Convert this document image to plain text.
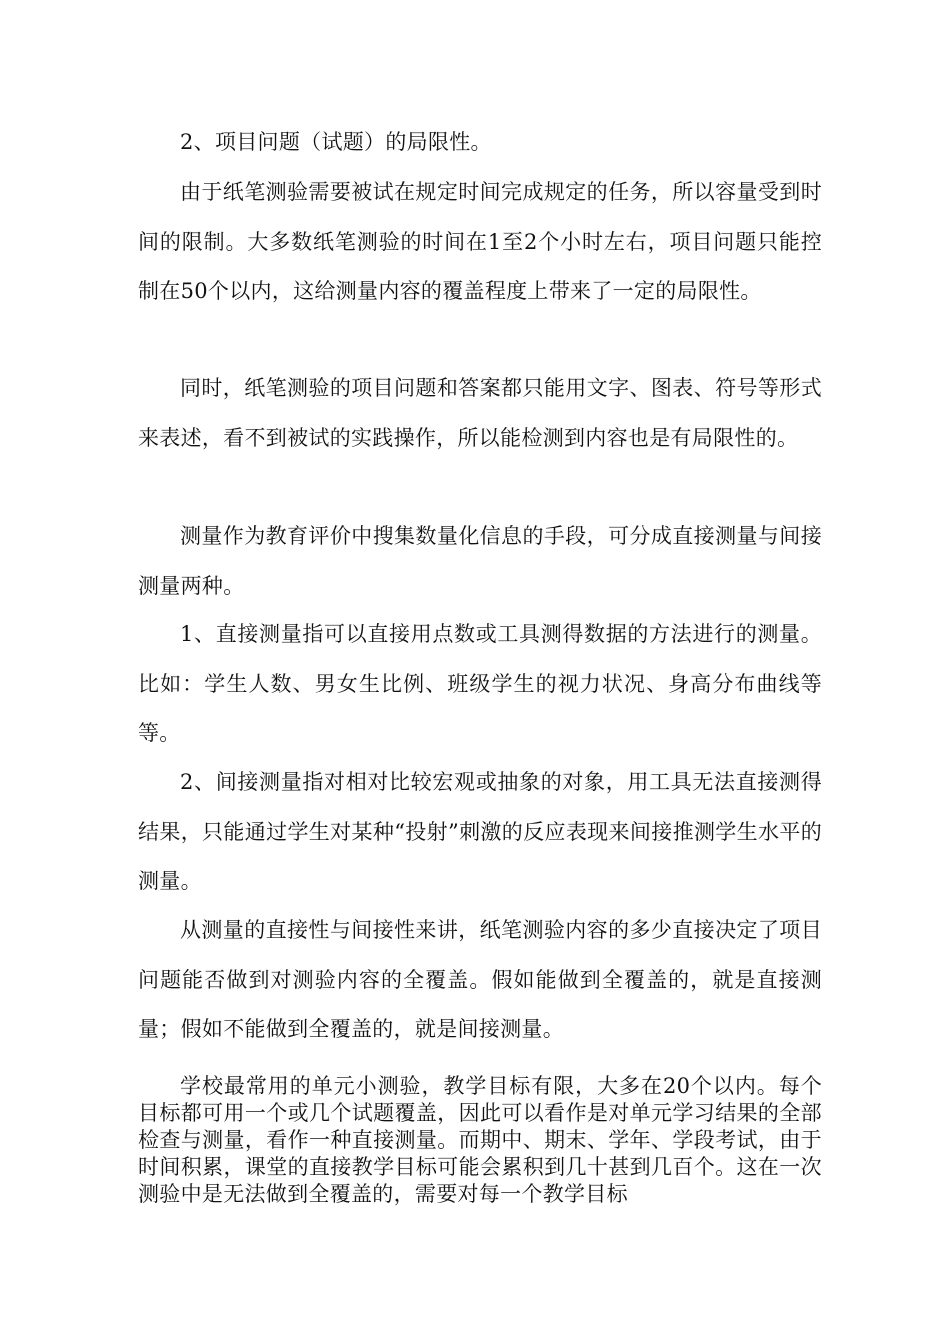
2、项目问题（试题）的局限性。

由于纸笔测验需要被试在规定时间完成规定的任务，所以容量受到时间的限制。大多数纸笔测验的时间在1至2个小时左右，项目问题只能控制在50个以内，这给测量内容的覆盖程度上带来了一定的局限性。

同时，纸笔测验的项目问题和答案都只能用文字、图表、符号等形式来表述，看不到被试的实践操作，所以能检测到内容也是有局限性的。

测量作为教育评价中搜集数量化信息的手段，可分成直接测量与间接测量两种。

1、直接测量指可以直接用点数或工具测得数据的方法进行的测量。比如：学生人数、男女生比例、班级学生的视力状况、身高分布曲线等等。

2、间接测量指对相对比较宏观或抽象的对象，用工具无法直接测得结果，只能通过学生对某种“投射”刺激的反应表现来间接推测学生水平的测量。

从测量的直接性与间接性来讲，纸笔测验内容的多少直接决定了项目问题能否做到对测验内容的全覆盖。假如能做到全覆盖的，就是直接测量；假如不能做到全覆盖的，就是间接测量。

学校最常用的单元小测验，教学目标有限，大多在20个以内。每个目标都可用一个或几个试题覆盖，因此可以看作是对单元学习结果的全部检查与测量，看作一种直接测量。而期中、期末、学年、学段考试，由于时间积累，课堂的直接教学目标可能会累积到几十甚到几百个。这在一次测验中是无法做到全覆盖的，需要对每一个教学目标
